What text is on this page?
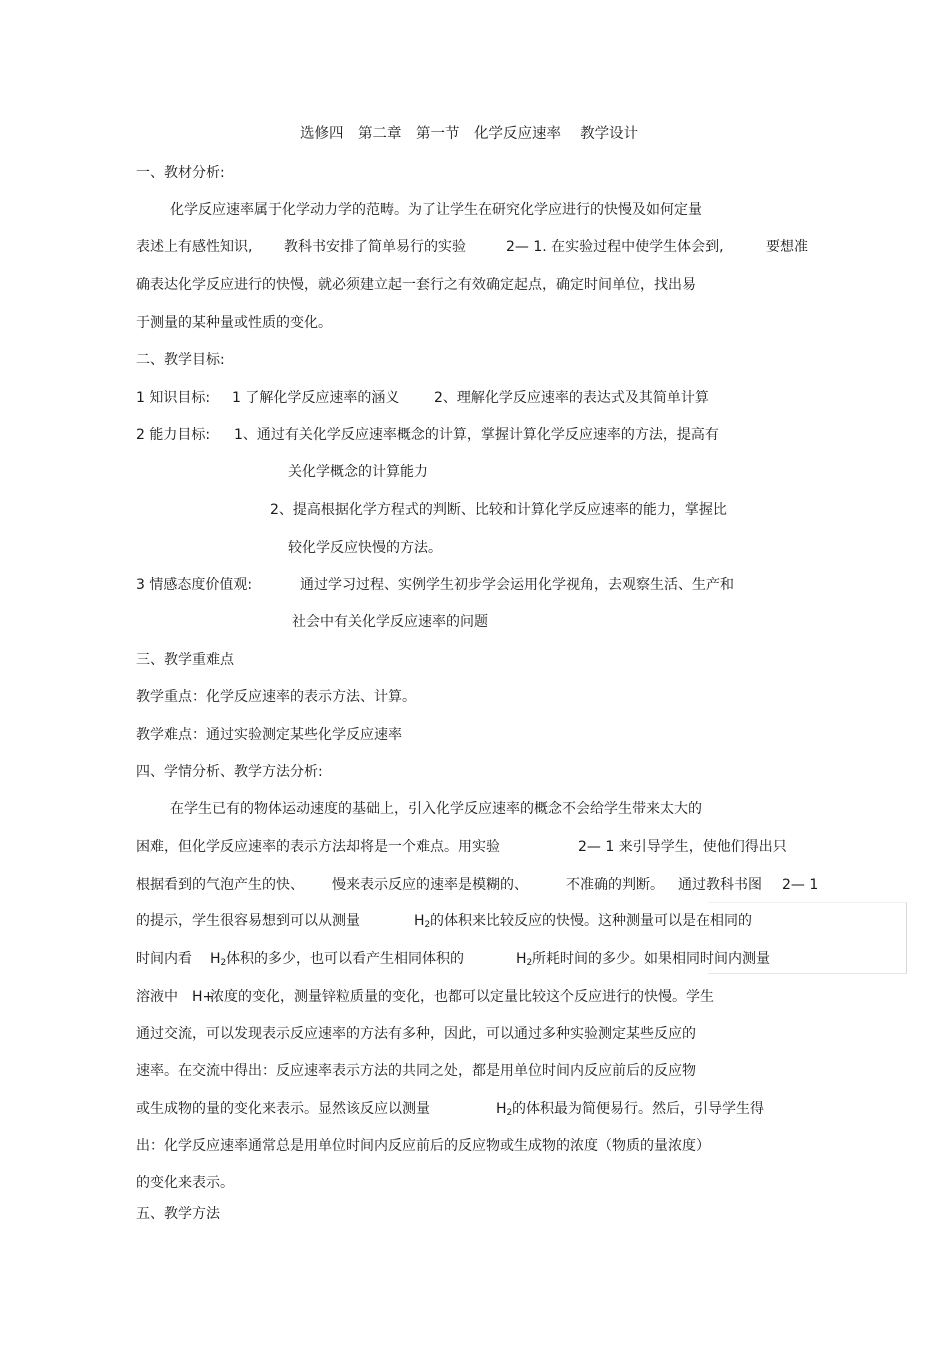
选修四　第二章　第一节　化学反应速率　 教学设计
一、教材分析:
化学反应速率属于化学动力学的范畴。为了让学生在研究化学应进行的快慢及如何定量
表述上有感性知识, 教科书安排了简单易行的实验	2— 1. 在实验过程中使学生体会到,	要想准
确表达化学反应进行的快慢，就必须建立起一套行之有效确定起点，确定时间单位，找出易
于测量的某种量或性质的变化。
二、教学目标:
1 知识目标: 1 了解化学反应速率的涵义 2、理解化学反应速率的表达式及其简单计算
2 能力目标: 1、通过有关化学反应速率概念的计算，掌握计算化学反应速率的方法，提高有
关化学概念的计算能力
2、提高根据化学方程式的判断、比较和计算化学反应速率的能力，掌握比
较化学反应快慢的方法。
3 情感态度价值观:	通过学习过程、实例学生初步学会运用化学视角，去观察生活、生产和
社会中有关化学反应速率的问题
三、教学重难点
教学重点：化学反应速率的表示方法、计算。
教学难点：通过实验测定某些化学反应速率
四、学情分析、教学方法分析:
在学生已有的物体运动速度的基础上，引入化学反应速率的概念不会给学生带来太大的
困难，但化学反应速率的表示方法却将是一个难点。用实验	2— 1 来引导学生，使他们得出只
根据看到的气泡产生的快、 慢来表示反应的速率是模糊的、	不准确的判断。 通过教科书图 2— 1
的提示，学生很容易想到可以从测量	$H_2$ 的体积来比较反应的快慢。这种测量可以是在相同的
时间内看 $H_2$ 体积的多少，也可以看产生相同体积的	$H_2$ 所耗时间的多少。如果相同时间内测量
溶液中 H+
浓度的变化，测量锌粒质量的变化，也都可以定量比较这个反应进行的快慢。学生
通过交流，可以发现表示反应速率的方法有多种，因此，可以通过多种实验测定某些反应的
速率。在交流中得出：反应速率表示方法的共同之处，都是用单位时间内反应前后的反应物
或生成物的量的变化来表示。显然该反应以测量	$H_2$ 的体积最为简便易行。然后，引导学生得
出：化学反应速率通常总是用单位时间内反应前后的反应物或生成物的浓度（物质的量浓度）
的变化来表示。
五、教学方法
